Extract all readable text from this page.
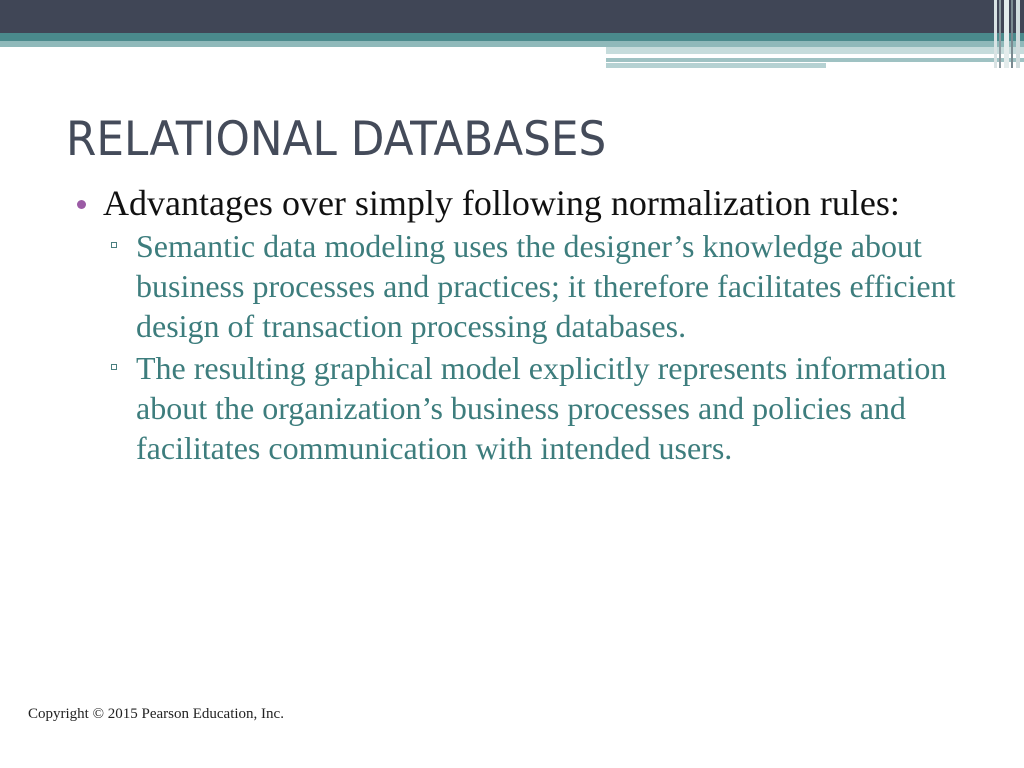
RELATIONAL DATABASES

Advantages over simply following normalization rules:

Semantic data modeling uses the designer’s knowledge about business processes and practices; it therefore facilitates efficient design of transaction processing databases.

The resulting graphical model explicitly represents information about the organization’s business processes and policies and facilitates communication with intended users.

Copyright © 2015 Pearson Education, Inc.
